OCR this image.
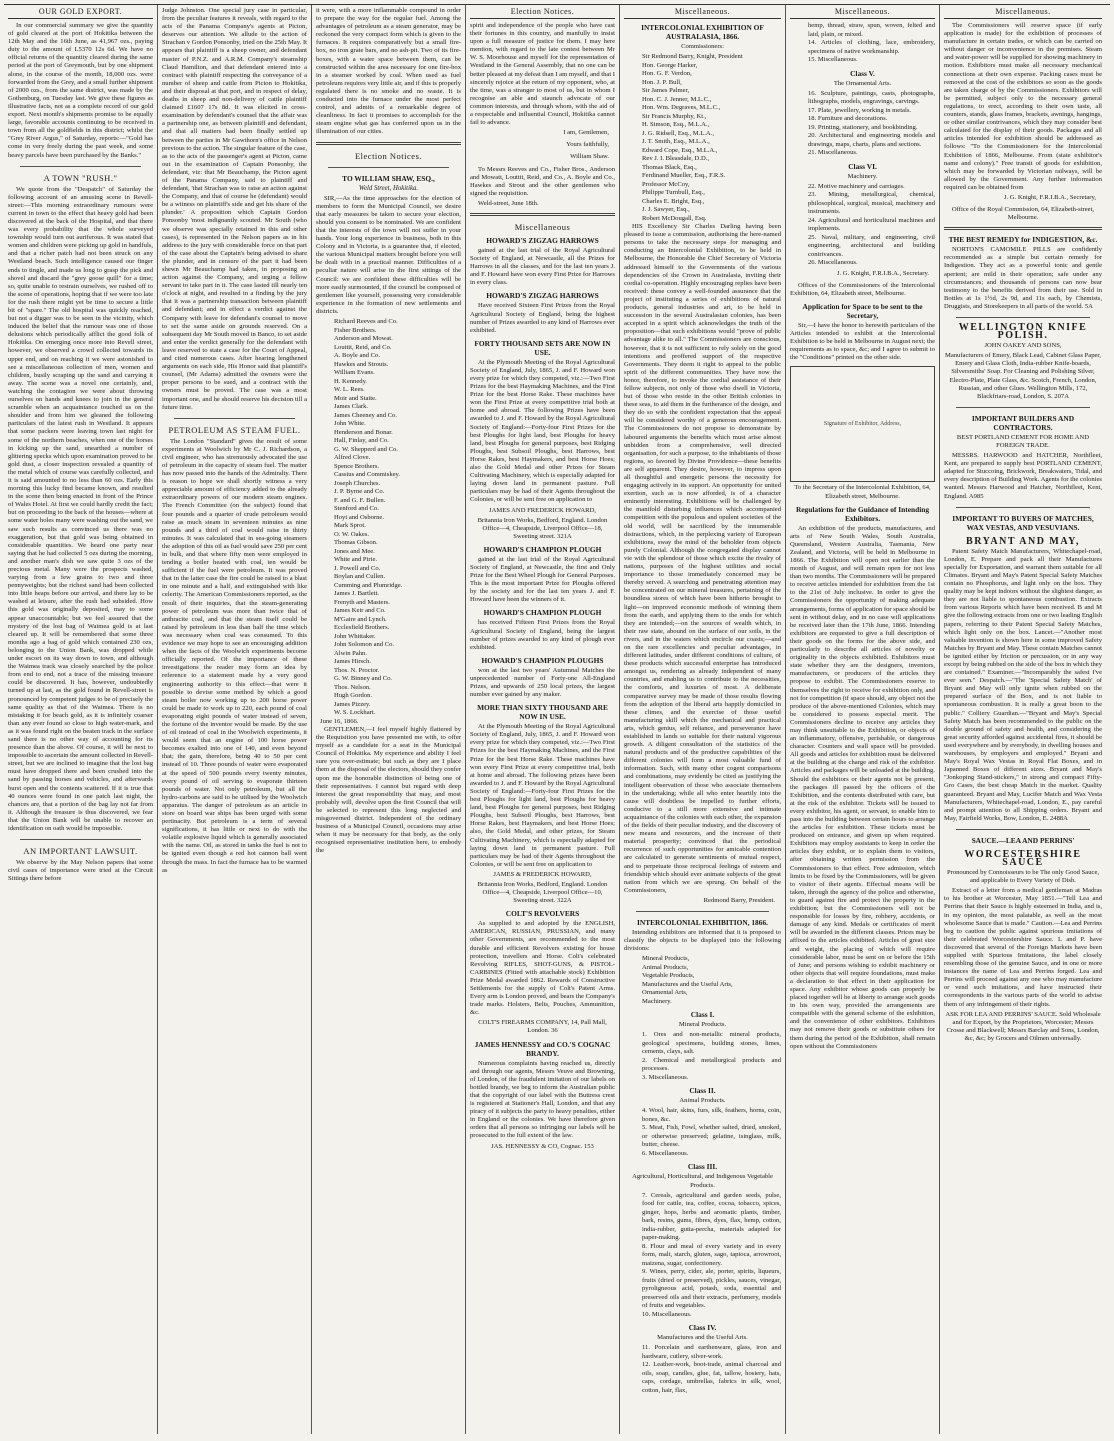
OUR GOLD EXPORT.

In our commercial summary we give the quantity of gold cleared at the port of Hokitika between the 12th May and the 16th June, as 41,967 ozs., paying duty to the amount of L5370 12s 6d. We have no official returns of the quantity cleared during the same period at the port of Greymouth, but by one shipment alone, in the course of the month, 18,000 ozs. were forwarded from the Grey, and a small further shipment of 2000 ozs., from the same district, was made by the Gothenburg, on Tuesday last. We give these figures as illustrative facts, not as a complete record of our gold export. Next month's shipments promise to be equally large, favorable accounts continuing to be received in town from all the goldfields in this district; whilst the "Grey River Argus," of Saturday, reports:—"Gold has come in very freely during the past week, and some heavy parcels have been purchased by the Banks."

A TOWN "RUSH."

We quote from the "Despatch" of Saturday the following account of an amusing scene in Revell-street:—This morning extraordinary rumours were current in town to the effect that heavy gold had been discovered at the back of the Hospital, and that there was every probability that the whole surveyed township would turn out auriferous. It was stated that women and children were picking up gold in handfuls, and that a richer patch had not been struck on any Westland beach. Such intelligence caused our finger ends to tingle, and made us long to grasp the pick and shovel and discard the "grey goose quill" for a time; so, quite unable to restrain ourselves, we rushed off to the scene of operations, hoping that if we were too late for the rush there might yet be time to secure a little bit of "spare." The old hospital was quickly reached, but not a digger was to be seen in the vicinity, which induced the belief that the rumour was one of those delusions which periodically afflict the good folk of Hokitika. On emerging once more into Revell street, however, we observed a crowd collected towards its upper end, and on reaching it we were astonished to see a miscellaneous collection of men, women and children, busily scraping up the sand and carrying it away. The scene was a novel one certainly, and, watching the contagion we were about throwing ourselves on hands and knees to join in the general scramble when an acquaintance touched us on the shoulder and from him we gleaned the following particulars of the latest rush in Westland. It appears that some packers were leaving town last night for some of the northern beaches, when one of the horses in kicking up the sand, unearthed a number of glittering specks which upon examination proved to be gold dust, a closer inspection revealed a quantity of the metal which of course was carefully collected, and it is said amounted to no less than 60 ozs. Early this morning this lucky find became known, and resulted in the scene then being enacted in front of the Prince of Wales Hotel. At first we could hardly credit the fact; but on proceeding to the back of the houses—where at some water holes many were washing out the sand, we saw such results as convinced us there was no exaggeration, but that gold was being obtained in considerable quantities. We heard one party near saying that he had collected 5 ozs during the morning, and another man's dish we saw quite 3 ozs of the precious metal. Many were the prospects washed, varying from a few grains to two and three pennyweights; but the richest sand had been collected into little heaps before our arrival, and there lay to be washed at leisure, after the rush had subsided. How this gold was originally deposited, may to some appear unaccountable; but we feel assured that the mystery of the lost bag of Waimea gold is at last cleared up. It will be remembered that some three months ago a bag of gold which contained 230 ozs, belonging to the Union Bank, was dropped while under escort on its way down to town, and although the Waimea track was closely searched by the police from end to end, not a trace of the missing treasure could be discovered. It has, however, undoubtedly turned up at last, as the gold found in Revell-street is pronounced by competent judges to be of precisely the same quality as that of the Waimea. There is no mistaking it for beach gold, as it is infinitely coarser than any ever found so close to high water-mark, and as it was found right on the beaten track in the surface sand there is no other way of accounting for its presence than the above. Of course, it will be next to impossible to ascertain the amount collected in Revell-street, but we are inclined to imagine that the lost bag must have dropped there and been crushed into the sand by passing horses and vehicles, and afterwards burst open and the contents scattered. If it is true that 40 ounces were found in one patch last night, the chances are, that a portion of the bag lay not far from it. Although the treasure is thus discovered, we fear that the Union Bank will be unable to recover an identification on oath would be impossible.

AN IMPORTANT LAWSUIT.

We observe by the May Nelson papers that some civil cases of importance were tried at the Circuit Sittings there before

Judge Johnston. One special jury case in particular, from the peculiar features it reveals, with regard to the acts of the Panama Company's agents at Picton, deserves our attention. We allude to the action of Strachan v Gordon Ponsonby, tried on the 25th May. It appears that plaintiff is a sheep owner, and defendant master of P.N.Z. and A.R.M. Company's steamship Claud Hamilton, and that defendant entered into a contract with plaintiff respecting the conveyance of a number of sheep and cattle from Picton to Hokitika, and their disposal at that port, and in respect of delay, deaths in sheep and non-delivery of cattle plaintiff claimed £1607 17s 8d. It was elicited in cross-examination by defendant's counsel that the affair was a partnership one, as between plaintiff and defendant, and that all matters had been finally settled up between the parties in Mr Gawthorn's office in Nelson previous to the action. The singular feature of the case, as to the acts of the passenger's agent at Picton, came out in the examination of Captain Ponsonby, the defendant, viz: that Mr Beauchamp, the Picton agent of the Panama Company, said to plaintiff and defendant, 'that Strachan was to raise an action against the Company, and that of course he (defendant) would be a witness on plaintiff's side and get his share of the plunder.' A proposition which Captain Gordon Ponsonby 'most indignantly scouted. Mr South (who we observe was specially retained in this and other cases), is represented in the Nelson papers as in his address to the jury with considerable force on that part of the case about the Captain's being advised to share the plunder, and in censure of the part it had been shewn Mr Beauchamp had taken, in proposing an action against the Company, and urging a fellow servant to take part in it. The case lasted till nearly ten o'clock at night, and resulted in a finding by the jury that it was a partnership transaction between plaintiff and defendant; and in effect a verdict against the Company with leave for defendant's counsel to move to set the same aside on grounds reserved. On a subsequent day Mr South moved in Banco, to set aside and enter the verdict generally for the defendant with leave reserved to state a case for the Court of Appeal, and cited numerous cases. After hearing lengthened arguments on each side, His Honor said that plaintiff's counsel, (Mr Adams) admitted the owners were the proper persons to be sued, and a contract with the owners must be proved. The case was a most important one, and he should reserve his decision till a future time.

PETROLEUM AS STEAM FUEL.

The London "Standard" gives the result of some experiments at Woolwich by Mr C. J. Richardson, a civil engineer, who has strenuously advocated the use of petroleum in the capacity of steam fuel. The matter has now passed into the hands of the Admiralty. There is reason to hope we shall shortly witness a very appreciable amount of efficiency added to the already extraordinary powers of our modern steam engines. The French Committee (on the subject) found that four pounds and a quarter of crude petroleum would raise as much steam in seventeen minutes as nine pounds and a third of coal would raise in thirty minutes. It was calculated that in sea-going steamers the adoption of this oil as fuel would save 250 per cent in bulk, and that where fifty men were employed in tending a boiler heated with coal, ten would be sufficient if the fuel were petroleum. It was proved that in the latter case the fire could be raised to a blast in one minute and a half, and extinguished with like celerity. The American Commissioners reported, as the result of their inquiries, that the steam-generating power of petroleum was more than twice that of anthracite coal, and that the steam itself could be raised by petroleum in less than half the time which was necessary when coal was consumed. To this evidence we may hope to see an encouraging addition when the facts of the Woolwich experiments become officially reported. Of the importance of these investigations the reader may form an idea by reference to a statement made by a very good engineering authority to this effect—that were it possible to devise some method by which a good steam boiler now working up to 200 horse power could be made to work up to 220, each pound of coal evaporating eight pounds of water instead of seven, the fortune of the inventor would be made. By the use of oil instead of coal in the Woolwich experiments, it would seem that an engine of 100 horse power becomes exalted into one of 140, and even beyond that; the gain, therefore, being 40 to 50 per cent instead of 10. Three pounds of water were evaporated at the speed of 500 pounds every twenty minutes, every pound of oil serving to evaporate thirteen pounds of water. Not only petroleum, but all the hydro-carbons are said to be utilised by the Woolwich apparatus. The danger of petroleum as an article in store on board war ships has been urged with some pertinacity. But petroleum is a term of several significations, it has little or next to do with the volatile explosive liquid which is generally associated with the name. Oil, as stored in tanks the fuel is not to be ignited even though a red hot cannon ball went through the mass. In fact the furnace has to be warmed as

it were, with a more inflammable compound in order to prepare the way for the regular fuel. Among the advantages of petroleum as a steam generator, may be reckoned the very compact form which is given to the furnaces. It requires comparatively but a small fire-box, no iron grate bars, and no ash-pit. Two of its fire-boxes, with a water space between them, can be constructed within the area necessary for one fire-box in a steamer worked by coal. When used as fuel petroleum requires very little air, and if this is properly regulated there is no smoke and no waste. It is conducted into the furnace under the most perfect control, and admits of a remarkable degree of cleanliness. In fact it promises to accomplish for the steam engine what gas has conferred upon us in the illumination of our cities.

Election Notices.
TO WILLIAM SHAW, ESQ.,
Weld Street, Hokitika.

SIR,—As the time approaches for the election of members to form the Municipal Council, we desire that early measures be taken to secure your election, should you consent to be nominated. We are confident that the interests of the town will not suffer in your hands. Your long experience in business, both in this Colony and in Victoria, is a guarantee that, if elected, the various Municipal matters brought before you will be dealt with in a practical manner. Difficulties of a peculiar nature will arise in the first sittings of the Council: we are confident these difficulties will be more easily surmounted, if the council be composed of gentlemen like yourself, possessing very considerable experience in the formation of new settlements and districts.

Richard Reeves and Co.

Fisher Brothers.

Anderson and Mowat.

Louttit, Reid, and Co.

A. Boyle and Co.

Hawkes and Strouts.

William Evans.

H. Kennedy.

W. L. Rees.

Moir and Staite.

James Clark.

James Cheeney and Co.

John White.

Henderson and Bonar.

Hall, Finlay, and Co.

G. W. Shepperd and Co.

Alfred Clove.

Spence Brothers.

Cassius and Commiskey.

Joseph Churches.

J. P. Byrne and Co.

F. and G. F. Bullen.

Stenford and Co.

Hoyt and Osborne.

Mark Sprot.

O. W. Oakes.

Thomas Gibson.

Jones and Mee.

White and Pirie.

J. Powell and Co.

Boylan and Cullen.

Cumming and Plumridge.

James J. Bartlett.

Frenyth and Masters.

James Keir and Co.

M'Gaire and Lynch.

Ecclesfield Brothers.

John Whittaker.

John Solomon and Co.

Alwin Pahn.

James Hirsch.

Thos. N. Proctor.

G. W. Binney and Co.

Thos. Nelson.

Hugh Gordon.

James Pizzey.

W. S. Lockhart.

June 16, 1866.

GENTLEMEN,—I feel myself highly flattered by the Requisition you have presented me with, to offer myself as a candidate for a seat in the Municipal Council of Hokitika. My experience and ability I feel sure you over-estimate; but such as they are I place them at the disposal of the electors, should they confer upon me the honorable distinction of being one of their representatives. I cannot but regard with deep interest the great responsibility that may, and most probably will, devolve upon the first Council that will be selected to represent this long neglected and misgoverned district. Independent of the ordinary business of a Municipal Council, occasions may arise when it may be necessary for that body, as the only recognised representative institution here, to embody the

Election Notices.

spirit and independence of the people who have cast their fortunes in this country, and manfully to insist upon a full measure of justice for them. I may here mention, with regard to the late contest between Mr W. S. Moorhouse and myself for the representation of Westland in the General Assembly, that no one can be better pleased at my defeat than I am myself, and that I sincerely rejoice at the return of my opponent, who, at the time, was a stranger to most of us, but in whom I recognise an able and staunch advocate of our common interests, and through whom, with the aid of a respectable and influential Council, Hokitika cannot fail to advance.

I am, Gentlemen,
Yours faithfully,
William Shaw.

To Messrs Reeves and Co., Fisher Bros., Anderson and Mowatt, Louttit, Reid, and Co., A. Boyle and Co., Hawkes and Strout and the other gentlemen who signed the requisition.

Weld-street, June 18th.

Miscellaneous
HOWARD'S ZIGZAG HARROWS

gained at the last trial of the Royal Agricultural Society of England, at Newcastle, all the Prizes for Harrows in all the classes, and for the last ten years J. and F. Howard have won every First Prize for Harrows in every class.

HOWARD'S ZIGZAG HARROWS

Have received Sixteen First Prizes from the Royal Agricultural Society of England, being the highest number of Prizes awarded to any kind of Harrows ever exhibited.

FORTY THOUSAND SETS ARE NOW IN USE.

At the Plymouth Meeting of the Royal Agricultural Society of England, July, 1865, J. and F. Howard won every prize for which they competed, viz.:—Two First Prizes for the best Haymaking Machines, and the First Prize for the best Horse Rake. These machines have won the First Prize at every competitive trial both at home and abroad. The following Prizes have been awarded to J. and F. Howard by the Royal Agricultural Society of England:—Forty-four First Prizes for the best Ploughs for light land, best Ploughs for heavy land, best Ploughs for general purposes, best Ridging Ploughs, best Subsoil Ploughs, best Harrows, best Horse Rakes, best Haymakers, and best Horse Hoes; also the Gold Medal and other Prizes for Steam Cultivating Machinery, which is especially adapted for laying down land in permanent pasture. Full particulars may be had of their Agents throughout the Colonies, or will be sent free on application to

JAMES AND FREDERICK HOWARD,

Britannia Iron Works, Bedford, England. London Office—4, Cheapside, Liverpool Office—18, Sweeting street. 321A

HOWARD'S CHAMPION PLOUGH

gained at the last trial of the Royal Agricultural Society of England, at Newcastle, the first and Only Prize for the Best Wheel Plough for General Purposes. This is the most important Prize for Ploughs offered by the society and for the last ten years J. and F. Howard have been the winners of it.

HOWARD'S CHAMPION PLOUGH

has received Fifteen First Prizes from the Royal Agricultural Society of England, being the largest number of prizes awarded to any kind of plough ever exhibited.

HOWARD'S CHAMPION PLOUGHS

won at the last two years' Autumnal Matches the unprecedented number of Forty-one All-England Prizes, and upwards of 250 local prizes, the largest number ever gained by any maker.

MORE THAN SIXTY THOUSAND ARE NOW IN USE.

At the Plymouth Meeting of the Royal Agricultural Society of England, July, 1865, J. and F. Howard won every prize for which they competed, viz.:—Two First Prizes for the best Haymaking Machines, and the First Prize for the best Horse Rake. These machines have won every First Prize at every competitive trial, both at home and abroad. The following prizes have been awarded to J. and F. Howard by the Royal Agricultural Society of England:—Forty-four First Prizes for the best Ploughs for light land, best Ploughs for heavy land, best Ploughs for general purposes, best Ridging Ploughs, best Subsoil Ploughs, best Harrows, best Horse Rakes, best Haymakers, and best Horse Hoes; also, the Gold Medal, and other prizes, for Steam Cultivating Machinery, which is especially adapted for laying down land in permanent pasture. Full particulars may be had of their Agents throughout the Colonies, or will be sent free on application to

JAMES & FREDERICK HOWARD,

Britannia Iron Works, Bedford, England. London Office—4, Cheapside, Liverpool Office—10, Sweeting street. 322A

COLT'S REVOLVERS

As supplied to and adopted by the ENGLISH, AMERICAN, RUSSIAN, PRUSSIAN, and many other Governments, are recommended to the most durable and efficient Revolvers existing for house protection, travellers and Horse. Colt's celebrated Revolving RIFLES, SHOT-GUNS, & PISTOL-CARBINES (Fitted with attachable stock) Exhibition Prize Medal awarded 1862. Rewards of Constructive Settlements for the supply of Colt's Patent Arms. Every arm is London proved, and bears the Company's trade marks. Holsters, Belts, Pouches, Ammunition, &c.

COLT'S FIREARMS COMPANY, 14, Pall Mall, London. 36

JAMES HENNESSY and CO.'S COGNAC BRANDY.

Numerous complaints having reached us, directly and through our agents, Messrs Veuve and Browning, of London, of the fraudulent imitation of our labels on bottled brandy, we beg to inform the Australian public that the copyright of our label with the Buttress crest is registered at Stationer's Hall, London, and that any piracy of it subjects the party to heavy penalties, either in England or the colonies. We have therefore given orders that all persons so infringing our labels will be prosecuted to the full extent of the law.

JAS. HENNESSY & CO, Cognac. 153

Miscellaneous.
INTERCOLONIAL EXHIBITION OF AUSTRALASIA, 1866.

Commissioners:

Sir Redmond Barry, Knight, President

Hon. George Harker,

Hon. G. F. Verdon,

Hon. J. P. Bull,

Sir James Palmer,

Hon. C. J. Jenner, M.L.C.,

Hon. Wm. Degraves, M.L.C.,

Sir Francis Murphy, Kt.,

H. Simson, Esq., M.L.A.,

J. G. Ridsell, Esq., M.L.A.,

J. T. Smith, Esq., M.L.A.,

Edward Cope, Esq., M.L.A.,

Rev J. I. Bleasdale, D.D.,

Thomas Black, Esq.,

Ferdinand Mueller, Esq., F.R.S.

Professor McCoy,

Philippe Turnbull, Esq.,

Charles E. Bright, Esq.,

J. J. Sawyer, Esq.,

Robert McDougall, Esq.

HIS Excellency Sir Charles Darling having been pleased to issue a commission, authorising the here-named persons to take the necessary steps for managing and conducting an Intercolonial Exhibition, to be held in Melbourne, the Honorable the Chief Secretary of Victoria addressed himself to the Governments of the various dependencies of the Crown in Australasia, inviting their cordial co-operation. Highly encouraging replies have been received: these convey a well-founded assurance that the project of instituting a series of exhibitions of natural products, general industries and art, to be held in succession in the several Australasian colonies, has been accepted in a spirit which acknowledges the truth of the proposition—that such exhibitions would "prove of public advantage alike to all." The Commissioners are conscious, however, that it is not sufficient to rely solely on the good intentions and proffered support of the respective Governments. They deem it right to appeal to the public spirit of the different communities. They have now the honor, therefore, to invoke the cordial assistance of their fellow subjects, not only of those who dwell in Victoria, but of those who reside in the other British colonies in these seas, to aid them in the furtherance of the design, and they do so with the confident expectation that the appeal will be considered worthy of a generous encouragement. The Commissioners do not propose to demonstrate by laboured arguments the benefits which must arise almost unbidden from a comprehensive, well directed organisation, for such a purpose, to the inhabitants of those regions, so favored by Divine Providence—these benefits are self apparent. They desire, however, to impress upon all thoughtful and energetic persons the necessity for engaging actively in its support. An opportunity for united exertion, such as is now afforded, is of a character eminently interesting. Exhibitions will be challenged by the manifold disturbing influences which accompanied competition with the populous and opulent societies of the old world, will be sacrificed by the innumerable distractions, which, in the perplexing variety of European exhibitions, sway the mind of the beholder from objects purely Colonial. Although the congregated display cannot vie with the splendour of those which excite the rivalry of nations, purposes of the highest utilities and social importance to those immediately concerned may be thereby served. A searching and penetrating attention may be concentrated on our mineral treasures, pertaining of the boundless stores of which have been hitherto brought to light—on improved economic methods of winning them from the earth, and applying them to the ends for which they are intended;—on the sources of wealth which, in their raw state, abound on the surface of our soils, in the rivers, and in the waters which encircle our coasts;—and on the rare excellencies and peculiar advantages, in different latitudes, under different conditions of culture, of these products which successful enterprise has introduced amongst us, rendering as already independent of many countries, and enabling us to contribute to the necessities, the comforts, and luxuries of most. A deliberate comparative survey may be made of those results flowing from the adoption of the liberal arts happily domiciled in these climes, and the exercise of those useful manufacturing skill which the mechanical and practical arts, which genius, self reliance, and perseverance have established in lands so suitable for their natural vigorous growth. A diligent consultation of the statistics of the natural products and of the productive capabilities of the different colonies will form a most valuable fund of information. Such, with many other cogent comparisons and combinations, may evidently be cited as justifying the intelligent observation of those who associate themselves in the undertaking; while all who enter heartily into the cause will doubtless be impelled to further efforts, conducive to a still more extensive and intimate acquaintance of the colonies with each other, the expansion of the fields of their peculiar industry, and the discovery of new means and resources, and the increase of their material prosperity; convinced that the periodical recurrence of such opportunities for amicable contention are calculated to generate sentiments of mutual respect, and to perpetuate those reciprocal feelings of esteem and friendship which should ever animate subjects of the great nation from which we are sprung. On behalf of the Commissioners,

Redmond Barry, President.
INTERCOLONIAL EXHIBITION, 1866.

Intending exhibitors are informed that it is proposed to classify the objects to be displayed into the following divisions:

Mineral Products,

Animal Products,

Vegetable Products,

Manufactures and the Useful Arts,

Ornamental Arts,

Machinery.

Class I.

Mineral Products.

1. Ores and non-metallic mineral products, geological specimens, building stones, limes, cements, clays, salt.

2. Chemical and metallurgical products and processes.

3. Miscellaneous.

Class II.

Animal Products.

4. Wool, hair, skins, furs, silk, feathers, horns, coin, bones, &c.

5. Meat, Fish, Fowl, whether salted, dried, smoked, or otherwise preserved; gelatine, isinglass, milk, butter, cheese.

6. Miscellaneous.

Class III.

Agricultural, Horticultural, and Indigenous Vegetable Products.

7. Cereals, agricultural and garden seeds, pulse, food for cattle, tea, coffee, cocoa, tobacco, spices, ginger, hops, herbs and aromatic plants, timber, bark, resins, gums, fibres, dyes, flax, hemp, cotton, india-rubber, gutta-percha, materials adapted for paper-making.

8. Flour and meal of every variety and in every form, malt, starch, gluten, sago, tapioca, arrowroot, maizena, sugar, confectionery.

9. Wines, perry, cider, ale, porter, spirits, liqueurs, fruits (dried or preserved), pickles, sauces, vinegar, pyroligneous acid, potash, soda, essential and preserved oils and their extracts, perfumery, models of fruits and vegetables.

10. Miscellaneous.

Class IV.

Manufactures and the Useful Arts.

11. Porcelain and earthenware, glass, iron and hardware, cutlery, silver-work.

12. Leather-work, boot-trade, animal charcoal and oils, soap, candles, glue, fat, tallow, hosiery, hats, caps, cordage, umbrellas, fabrics in silk, wool, cotton, hair, flax,

Miscellaneous.

hemp, thread, straw, spun, woven, felted and laid, plain, or mixed.

14. Articles of clothing, lace, embroidery, specimens of native workmanship.

15. Miscellaneous.

Class V.

The Ornamental Arts.

16. Sculpture, paintings, casts, photographs, lithographs, models, engravings, carvings.

17. Plate, jewellery, working in metals.

18. Furniture and decorations.

19. Printing, stationery, and bookbinding.

20. Architectural and engineering models and drawings, maps, charts, plans and sections.

21. Miscellaneous.

Class VI.

Machinery.

22. Motive machinery and carriages.

23. Mining, metallurgical, chemical, philosophical, surgical, musical, machinery and instruments.

24. Agricultural and horticultural machines and implements.

25. Naval, military, and engineering, civil engineering, architectural and building contrivances.

26. Miscellaneous.

J. G. Knight, F.R.I.B.A., Secretary.

Offices of the Commissioners of the Intercolonial Exhibition, 64, Elizabeth street, Melbourne.

Application for Space to be sent to the Secretary,

Sir,—I have the honor to herewith particulars of the Articles intended to exhibit at the Intercolonial Exhibition to be held in Melbourne in August next; the requirements as to space, &c; and I agree to submit to the "Conditions" printed on the other side.

Signature of Exhibitor, Address,

To the Secretary of the Intercolonial Exhibition, 64, Elizabeth street, Melbourne.

Regulations for the Guidance of Intending Exhibitors.

An exhibition of the products, manufactures, and arts of New South Wales, South Australia, Queensland, Western Australia, Tasmania, New Zealand, and Victoria, will be held in Melbourne in 1866. The Exhibition will open not earlier than the month of August, and will remain open for not less than two months. The Commissioners will be prepared to receive articles intended for exhibition from the 1st to the 21st of July inclusive. In order to give the Commissioners the opportunity of making adequate arrangements, forms of application for space should be sent in without delay, and in no case will applications be received later than the 17th June, 1866. Intending exhibitors are requested to give a full description of their goods on the forms for the above side, and particularly to describe all articles of novelty or originality in the objects exhibited. Exhibitors must state whether they are the designers, inventors, manufacturers, or producers of the articles they propose to exhibit. The Commissioners reserve to themselves the right to receive for exhibition only, and not for competition (if space should, any object not the produce of the above-mentioned Colonies, which may be considered to possess especial merit. The Commissioners decline to receive any articles they may think unsuitable to the Exhibition, or objects of an inflammatory, offensive, perishable, or dangerous character. Counters and wall space will be provided. All goods and articles for exhibition must be delivered at the building at the charge and risk of the exhibitor. Articles and packages will be unloaded at the building. Should the exhibitors or their agents not be present, the packages ill passed by the officers of the Exhibition, and the contents distributed with care, but at the risk of the exhibitor. Tickets will be issued to every exhibitor, his agent, or servant, to enable him to pass into the building between certain hours to arrange the articles for exhibition. These tickets must be produced on entrance, and given up when required. Exhibitors may employ assistants to keep in order the articles they exhibit, or to explain them to visitors, after obtaining written permission from the Commissioners to that effect. Free admission, which limits to be fixed by the Commissioners, will be given to visitor of their agents. Effectual means will be taken, through the agency of the police and otherwise, to guard against fire and protect the property in the exhibition; but the Commissioners will not be responsible for losses by fire, robbery, accidents, or damage of any kind. Medals or certificates of merit will be awarded in the different classes. Prices may be affixed to the articles exhibited. Articles of great size and weight, the placing of which will require considerable labor, must be sent on or before the 15th of June; and persons wishing to exhibit machinery or other objects that will require foundations, must make a declaration to that effect in their application for space. Any exhibitor whose goods can properly be placed together will be at liberty to arrange such goods in his own way, provided the arrangements are compatible with the general scheme of the exhibition, and the convenience of other exhibitors. Exhibitors may not remove their goods or substitute others for them during the period of the Exhibition, shall remain open without the Commissioners

Miscellaneous.

The Commissioners will reserve space (if early application is made) for the exhibition of processes of manufacture in certain trades, or which can be carried on without danger or inconvenience in the premises. Steam and water-power will be supplied for showing machinery in motion. Exhibitors must make all necessary mechanical connections at their own expense. Packing cases must be removed at the cost of the exhibitors so soon as the goods are taken charge of by the Commissioners. Exhibitors will be permitted, subject only to the necessary general regulations, to erect, according to their own taste, all counters, stands, glass frames, brackets, awnings, hangings, or other similar contrivances, which they may consider best calculated for the display of their goods. Packages and all articles intended for exhibition should be addressed as follows: "To the Commissioners for the Intercolonial Exhibition of 1866, Melbourne. From (state exhibitor's name and colony)." Free transit of goods for exhibition, which may be forwarded by Victorian railways, will be allowed by the Government. Any further information required can be obtained from

J. G. Knight, F.R.I.B.A., Secretary,

Office of the Royal Commission, 64, Elizabeth-street, Melbourne.

THE BEST REMEDY for INDIGESTION, &c.

NORTON'S CAMOMILE PILLS are confidently recommended as a simple but certain remedy for Indigestion. They act as a powerful tonic and gentle aperient; are mild in their operation; safe under any circumstances; and thousands of persons can now bear testimony to the benefits derived from their use. Sold in Bottles at 1s 1½d, 2s 9d, and 11s each, by Chemists, Druggists, and Storekeepers in all parts of the world. 5A

WELLINGTON KNIFE POLISH.

JOHN OAKEY AND SONS,

Manufacturers of Emery, Black Lead, Cabinet Glass Paper, Emery and Glass Cloth, India-rubber Knife-boards, Silversmiths' Soap. For Cleaning and Polishing Silver, Electro-Plate, Plate Glass, &c. Scotch, French, London, Russian, and other Glues. Wellington Mills, 172, Blackfriars-road, London, S. 207A

IMPORTANT BUILDERS AND CONTRACTORS.

BEST PORTLAND CEMENT FOR HOME AND FOREIGN TRADE.

MESSRS. HARWOOD and HATCHER, Northfleet, Kent, are prepared to supply best PORTLAND CEMENT, adapted for Stuccoing, Brickwork, Breakwaters, Tidal, and every description of Building Work. Agents for the colonies wanted. Messrs Harwood and Hatcher, Northfleet, Kent, England. A985

IMPORTANT TO BUYERS OF MATCHES, WAX VESTAS, AND VESUVIANS.
BRYANT AND MAY,

Patent Safety Match Manufacturers, Whitechapel-road, London, E. Prepare and pack all their Manufactures specially for Exportation, and warrant them suitable for all Climates. Bryant and May's Patent Special Safety Matches contain no Phosphorus, and light only on the box. They quality may be kept indoors without the slightest danger, as they are not liable to spontaneous combustion. Extracts from various Reports which have been received. B and M give the following extracts from one or two leading English papers, referring to their Patent Special Safety Matches, which light only on the box. Lancet.—"Another most valuable invention is shown here in some improved Safety Matches by Bryant and May. These contain Matches cannot be ignited either by friction or percussion, or in any way except by being rubbed on the side of the box in which they are contained." Examiner.—"Incomparably the safest I've ever seen." Despatch.—"The 'Special Safety Match' of Bryant and May will only ignite when rubbed on the prepared surface of the Box, and is not liable to spontaneous combustion. It is really a great boon to the public." Colliery Guardian.—"Bryant and May's Special Safety Match has been recommended to the public on the double ground of safety and health, and considering the great security afforded against accidental fires, it should be used everywhere and by everybody, in dwelling houses and warehouses, by employers and employed." Bryant and May's Royal Wax Vestas in Royal Flat Boxes, and in Japanned Boxes of different sizes. Bryant and May's "Jonkoping Stand-stickers," in strong and compact Fifty-Gro Cases, the best cheap Match in the market. Quality guaranteed. Bryant and May, Lucifer Match and Wax Vesta Manufacturers, Whitechapel-road, London, E., pay careful and prompt attention to all Shipping orders. Bryant and May, Fairfield Works, Bow, London, E. 2488A

SAUCE.—LEA AND PERRINS'
WORCESTERSHIRE SAUCE

Pronounced by Connoisseurs to be The only Good Sauce, and applicable to Every Variety of Dish.

Extract of a letter from a medical gentleman at Madras to his brother at Worcester, May 1851.—"Tell Lea and Perrins that their Sauce is highly esteemed in India, and is, in my opinion, the most palatable, as well as the most wholesome Sauce that is made." Caution.—Lea and Perrins beg to caution the public against spurious imitations of their celebrated Worcestershire Sauce. L and P. have discovered that several of the Foreign Markets have been supplied with Spurious Imitations, the label closely resembling those of the genuine Sauce, and in one or more instances the name of Lea and Perrins forged. Lea and Perrins will proceed against any one who may manufacture or vend such imitations, and have instructed their correspondents in the various parts of the world to advise them of any infringement of their rights.

ASK FOR LEA AND PERRINS' SAUCE. Sold Wholesale and for Export, by the Proprietors, Worcester; Messrs Crosse and Blackwell; Messrs Barclay and Sons, London, &c, &c; by Grocers and Oilmen universally.
